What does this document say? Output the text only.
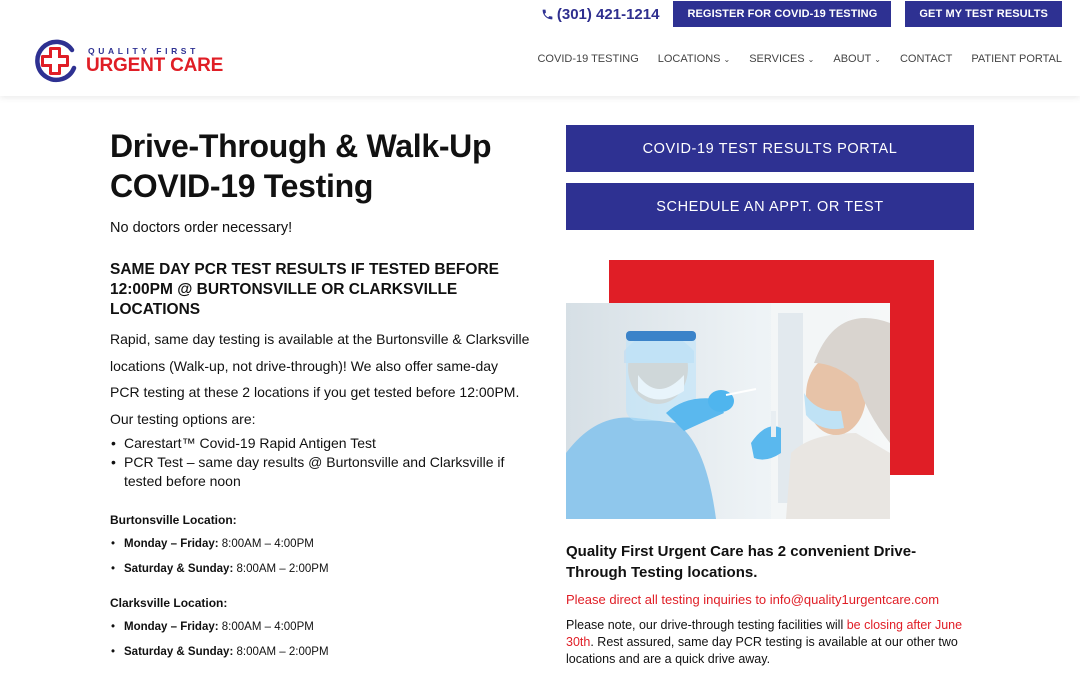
(301) 421-1214	REGISTER FOR COVID-19 TESTING	GET MY TEST RESULTS
QUALITY FIRST
URGENT CARE	COVID-19 TESTING LOCATIONS ⌄ SERVICES ⌄ ABOUT ⌄ CONTACT PATIENT PORTAL
Drive-Through & Walk-Up
COVID-19 Testing

No doctors order necessary!

SAME DAY PCR TEST RESULTS IF TESTED BEFORE 12:00PM @ BURTONSVILLE OR CLARKSVILLE LOCATIONS

Rapid, same day testing is available at the Burtonsville & Clarksville locations (Walk-up, not drive-through)! We also offer same-day PCR testing at these 2 locations if you get tested before 12:00PM. Our testing options are:

• Carestart™ Covid-19 Rapid Antigen Test
• PCR Test – same day results @ Burtonsville and Clarksville if tested before noon

Burtonsville Location:

• Monday – Friday: 8:00AM – 4:00PM
• Saturday & Sunday: 8:00AM – 2:00PM

Clarksville Location:

• Monday – Friday: 8:00AM – 4:00PM
• Saturday & Sunday: 8:00AM – 2:00PM
COVID-19 TEST RESULTS PORTAL
SCHEDULE AN APPT. OR TEST

Quality First Urgent Care has 2 convenient Drive-Through Testing locations.

Please direct all testing inquiries to info@quality1urgentcare.com

Please note, our drive-through testing facilities will be closing after June 30th. Rest assured, same day PCR testing is available at our other two locations and are a quick drive away.
